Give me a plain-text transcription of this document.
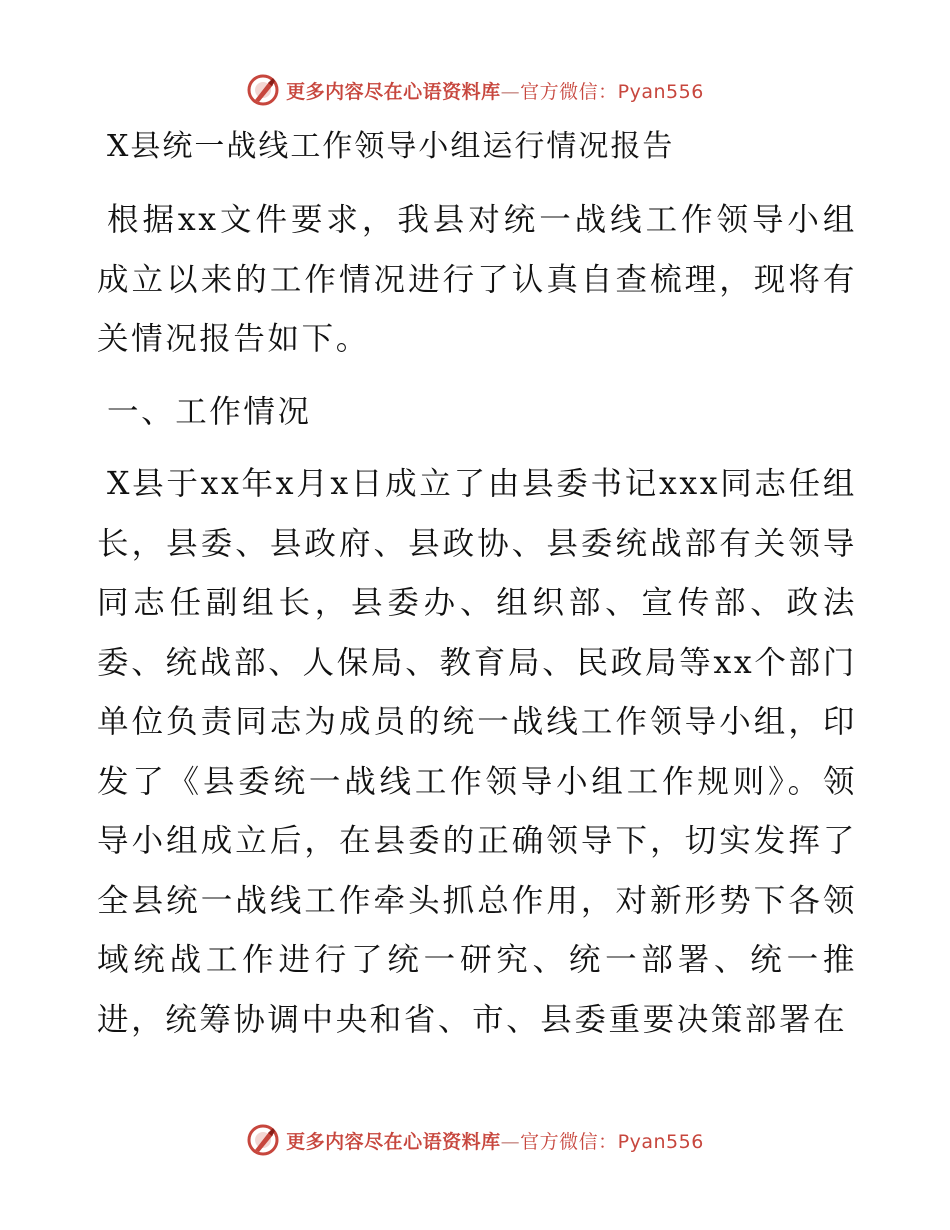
更多内容尽在心语资料库—官方微信：Pyan556
X县统一战线工作领导小组运行情况报告

根据xx文件要求，我县对统一战线工作领导小组成立以来的工作情况进行了认真自查梳理，现将有关情况报告如下。

一、工作情况

X县于xx年x月x日成立了由县委书记xxx同志任组长，县委、县政府、县政协、县委统战部有关领导同志任副组长，县委办、组织部、宣传部、政法委、统战部、人保局、教育局、民政局等xx个部门单位负责同志为成员的统一战线工作领导小组，印发了《县委统一战线工作领导小组工作规则》。领导小组成立后，在县委的正确领导下，切实发挥了全县统一战线工作牵头抓总作用，对新形势下各领域统战工作进行了统一研究、统一部署、统一推进，统筹协调中央和省、市、县委重要决策部署在

更多内容尽在心语资料库—官方微信：Pyan556
